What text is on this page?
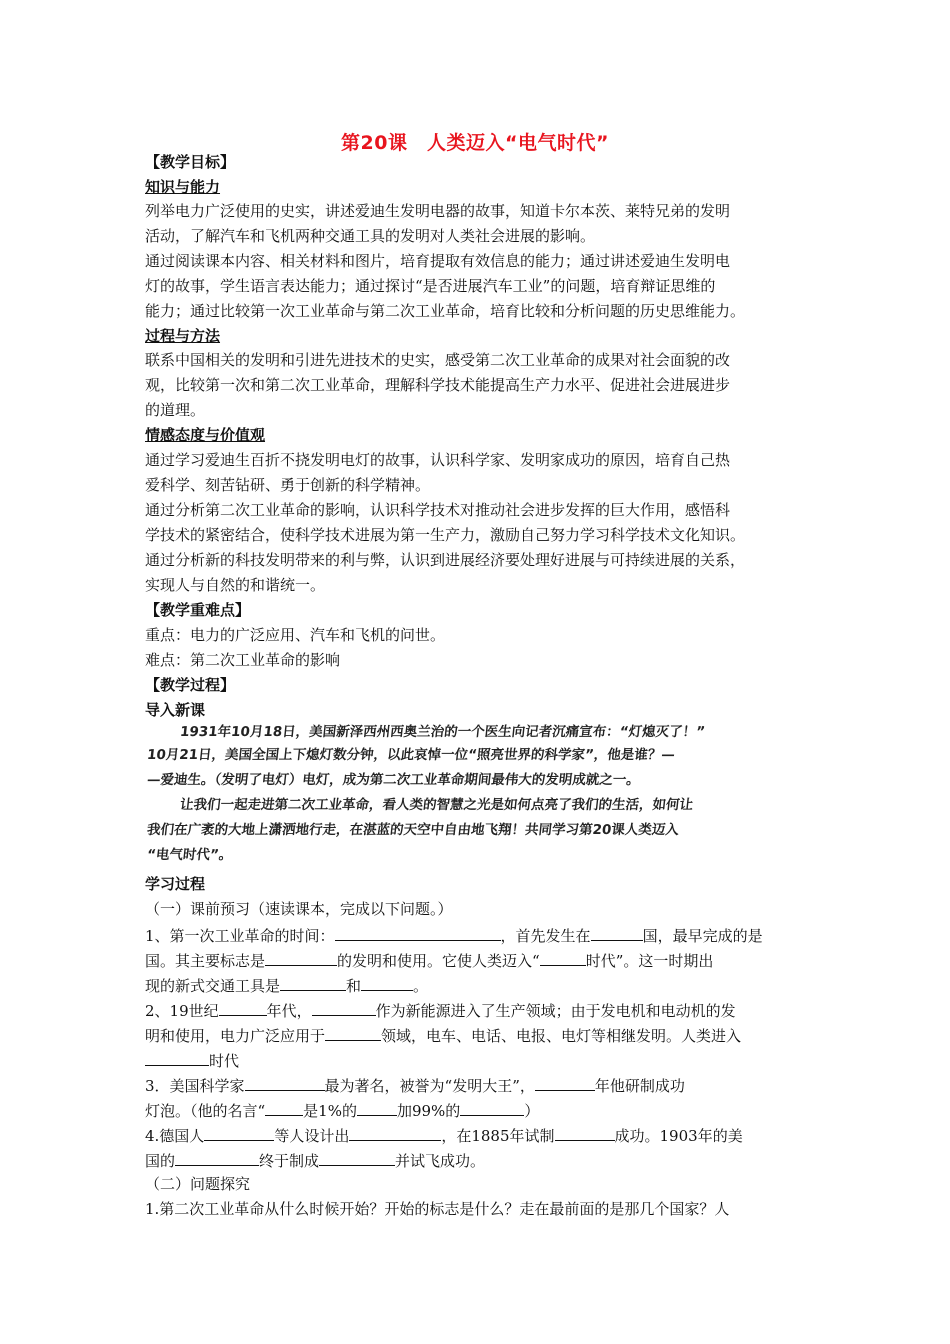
第20课　人类迈入“电气时代”
【教学目标】
知识与能力
列举电力广泛使用的史实，讲述爱迪生发明电器的故事，知道卡尔本茨、莱特兄弟的发明
活动，了解汽车和飞机两种交通工具的发明对人类社会进展的影响。
通过阅读课本内容、相关材料和图片，培育提取有效信息的能力；通过讲述爱迪生发明电
灯的故事，学生语言表达能力；通过探讨“是否进展汽车工业”的问题，培育辩证思维的
能力；通过比较第一次工业革命与第二次工业革命，培育比较和分析问题的历史思维能力。
过程与方法
联系中国相关的发明和引进先进技术的史实，感受第二次工业革命的成果对社会面貌的改
观，比较第一次和第二次工业革命，理解科学技术能提高生产力水平、促进社会进展进步
的道理。
情感态度与价值观
通过学习爱迪生百折不挠发明电灯的故事，认识科学家、发明家成功的原因，培育自己热
爱科学、刻苦钻研、勇于创新的科学精神。
通过分析第二次工业革命的影响，认识科学技术对推动社会进步发挥的巨大作用，感悟科
学技术的紧密结合，使科学技术进展为第一生产力，激励自己努力学习科学技术文化知识。
通过分析新的科技发明带来的利与弊，认识到进展经济要处理好进展与可持续进展的关系，
实现人与自然的和谐统一。
【教学重难点】
重点：电力的广泛应用、汽车和飞机的问世。
难点：第二次工业革命的影响
【教学过程】
导入新课
1931年10月18日，美国新泽西州西奥兰治的一个医生向记者沉痛宣布：“灯熄灭了！”
10月21日，美国全国上下熄灯数分钟，以此哀悼一位“照亮世界的科学家”，他是谁？—
—爱迪生。（发明了电灯）电灯，成为第二次工业革命期间最伟大的发明成就之一。
让我们一起走进第二次工业革命，看人类的智慧之光是如何点亮了我们的生活，如何让
我们在广袤的大地上潇洒地行走，在湛蓝的天空中自由地飞翔！共同学习第20课人类迈入
“电气时代”。
学习过程
（一）课前预习（速读课本，完成以下问题。）
1、第一次工业革命的时间：	，首先发生在	国，最早完成的是
国。其主要标志是	的发明和使用。它使人类迈入“	时代”。这一时期出
现的新式交通工具是	和	。
2、19世纪	年代，	作为新能源进入了生产领域；由于发电机和电动机的发
明和使用，电力广泛应用于	领域，电车、电话、电报、电灯等相继发明。人类进入
时代
3．美国科学家	最为著名，被誉为“发明大王”，	年他研制成功
灯泡。（他的名言“	是1%的	加99%的	）
4.德国人	等人设计出	，在1885年试制	成功。1903年的美
国的	终于制成	并试飞成功。
（二）问题探究
1.第二次工业革命从什么时候开始？开始的标志是什么？走在最前面的是那几个国家？人
